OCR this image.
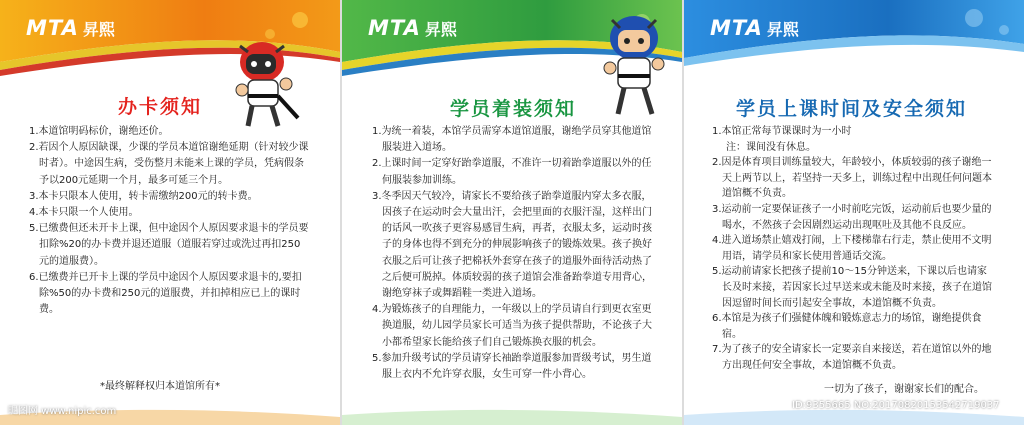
MTA 昇熙
办卡须知

1.本道馆明码标价，谢绝还价。

2.若因个人原因缺课，少课的学员本道馆谢绝延期（针对较少课时者）。中途因生病，受伤整月未能来上课的学员，凭病假条予以200元延期一个月，最多可延三个月。

3.本卡只限本人使用，转卡需缴纳200元的转卡费。

4.本卡只限一个人使用。

5.已缴费但还未开卡上课，但中途因个人原因要求退卡的学员要扣除%20的办卡费并退还道服（道服若穿过或洗过再扣250元的道服费）。

6.已缴费并已开卡上课的学员中途因个人原因要求退卡的,要扣除%50的办卡费和250元的道服费，并扣掉相应已上的课时费。

*最终解释权归本道馆所有*
MTA 昇熙
学员着装须知

1.为统一着装，本馆学员需穿本道馆道服，谢绝学员穿其他道馆服装进入道场。

2.上课时间一定穿好跆拳道服，不准许一切着跆拳道服以外的任何服装参加训练。

3.冬季因天气较冷，请家长不要给孩子跆拳道服内穿太多衣服，因孩子在运动时会大量出汗，会把里面的衣服汗湿，这样出门的话风一吹孩子更容易感冒生病，再者，衣服太多，运动时孩子的身体也得不到充分的伸展影响孩子的锻炼效果。孩子换好衣服之后可让孩子把棉袄外套穿在孩子的道服外面待活动热了之后便可脱掉。体质较弱的孩子道馆会准备跆拳道专用背心，谢绝穿袜子或舞蹈鞋一类进入道场。

4.为锻炼孩子的自理能力，一年级以上的学员请自行到更衣室更换道服，幼儿园学员家长可适当为孩子提供帮助，不论孩子大小都希望家长能给孩子们自己锻炼换衣服的机会。

5.参加升级考试的学员请穿长袖跆拳道服参加晋级考试，男生道服上衣内不允许穿衣服，女生可穿一件小背心。

MTA 昇熙
学员上课时间及安全须知

1.本馆正常每节课课时为一小时

注：课间没有休息。

2.因是体育项目训练量较大，年龄较小，体质较弱的孩子谢绝一天上两节以上，若坚持一天多上，训练过程中出现任何问题本道馆概不负责。

3.运动前一定要保证孩子一小时前吃完饭，运动前后也要少量的喝水，不然孩子会因剧烈运动出现呕吐及其他不良反应。

4.进入道场禁止嬉戏打闹，上下楼梯靠右行走，禁止使用不文明用语，请学员和家长使用普通话交流。

5.运动前请家长把孩子提前10～15分钟送来，下课以后也请家长及时来接，若因家长过早送来或未能及时来接，孩子在道馆因逗留时间长而引起安全事故，本道馆概不负责。

6.本馆是为孩子们强健体魄和锻炼意志力的场馆，谢绝提供食宿。

7.为了孩子的安全请家长一定要亲自来接送，若在道馆以外的地方出现任何安全事故，本道馆概不负责。

一切为了孩子，谢谢家长们的配合。
昵图网 www.nipic.com
ID:9355665 NO:20170820153542719037
